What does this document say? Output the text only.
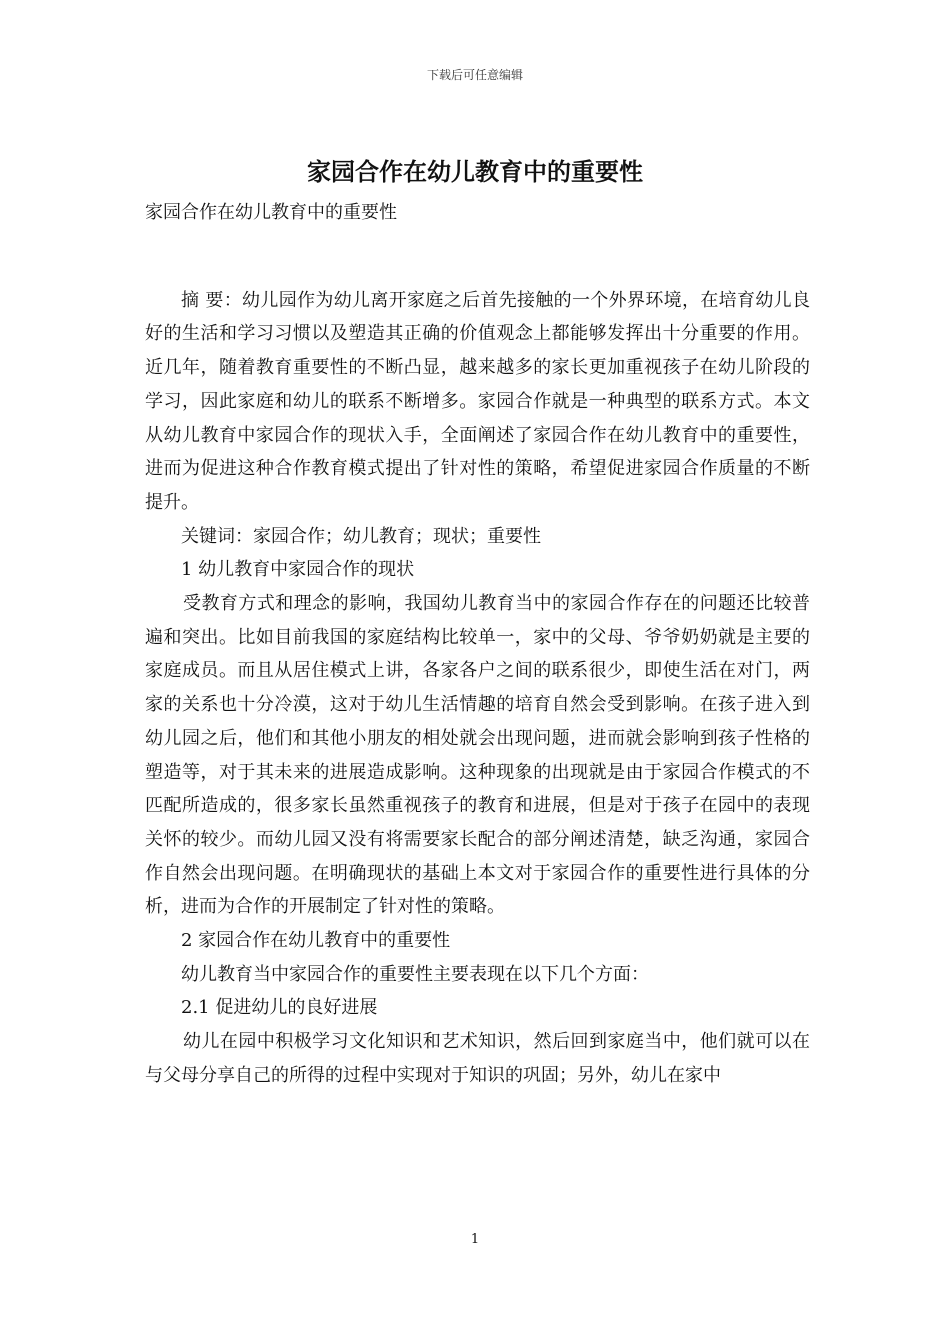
下载后可任意编辑
家园合作在幼儿教育中的重要性

家园合作在幼儿教育中的重要性

摘 要：幼儿园作为幼儿离开家庭之后首先接触的一个外界环境，在培育幼儿良好的生活和学习习惯以及塑造其正确的价值观念上都能够发挥出十分重要的作用。近几年，随着教育重要性的不断凸显，越来越多的家长更加重视孩子在幼儿阶段的学习，因此家庭和幼儿的联系不断增多。家园合作就是一种典型的联系方式。本文从幼儿教育中家园合作的现状入手，全面阐述了家园合作在幼儿教育中的重要性，进而为促进这种合作教育模式提出了针对性的策略，希望促进家园合作质量的不断提升。

关键词：家园合作；幼儿教育；现状；重要性

1 幼儿教育中家园合作的现状

受教育方式和理念的影响，我国幼儿教育当中的家园合作存在的问题还比较普遍和突出。比如目前我国的家庭结构比较单一，家中的父母、爷爷奶奶就是主要的家庭成员。而且从居住模式上讲，各家各户之间的联系很少，即使生活在对门，两家的关系也十分冷漠，这对于幼儿生活情趣的培育自然会受到影响。在孩子进入到幼儿园之后，他们和其他小朋友的相处就会出现问题，进而就会影响到孩子性格的塑造等，对于其未来的进展造成影响。这种现象的出现就是由于家园合作模式的不匹配所造成的，很多家长虽然重视孩子的教育和进展，但是对于孩子在园中的表现关怀的较少。而幼儿园又没有将需要家长配合的部分阐述清楚，缺乏沟通，家园合作自然会出现问题。在明确现状的基础上本文对于家园合作的重要性进行具体的分析，进而为合作的开展制定了针对性的策略。

2 家园合作在幼儿教育中的重要性

幼儿教育当中家园合作的重要性主要表现在以下几个方面：

2.1 促进幼儿的良好进展

幼儿在园中积极学习文化知识和艺术知识，然后回到家庭当中，他们就可以在与父母分享自己的所得的过程中实现对于知识的巩固；另外，幼儿在家中

1
